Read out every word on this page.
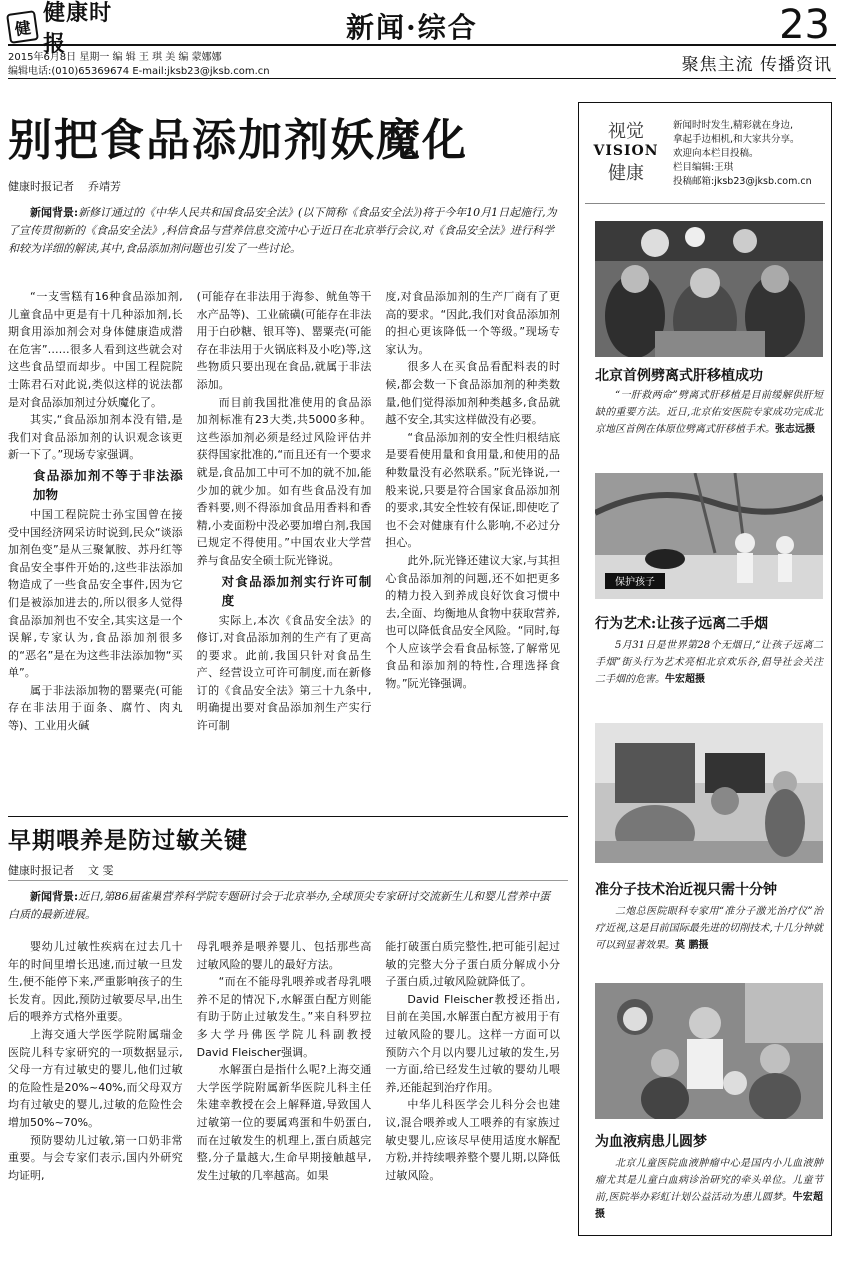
健
健康时报	新闻·综合	23
2015年6月8日 星期一 编 辑 王 琪 美 编 蒙娜娜
编辑电话:(010)65369674 E-mail:jksb23@jksb.com.cn	聚焦主流 传播资讯
别把食品添加剂妖魔化
健康时报记者 乔靖芳
新闻背景:新修订通过的《中华人民共和国食品安全法》(以下简称《食品安全法》)将于今年10月1日起施行,为了宣传贯彻新的《食品安全法》,科信食品与营养信息交流中心于近日在北京举行会议,对《食品安全法》进行科学和较为详细的解读,其中,食品添加剂问题也引发了一些讨论。

“一支雪糕有16种食品添加剂,儿童食品中更是有十几种添加剂,长期食用添加剂会对身体健康造成潜在危害”……很多人看到这些就会对这些食品望而却步。中国工程院院士陈君石对此说,类似这样的说法都是对食品添加剂过分妖魔化了。

其实,“食品添加剂本没有错,是我们对食品添加剂的认识观念该更新一下了。”现场专家强调。

食品添加剂不等于非法添加物

中国工程院院士孙宝国曾在接受中国经济网采访时说到,民众“谈添加剂色变”是从三聚氰胺、苏丹红等食品安全事件开始的,这些非法添加物造成了一些食品安全事件,因为它们是被添加进去的,所以很多人觉得食品添加剂也不安全,其实这是一个误解,专家认为,食品添加剂很多的“恶名”是在为这些非法添加物“买单”。

属于非法添加物的罂粟壳(可能存在非法用于面条、腐竹、肉丸等)、工业用火碱

(可能存在非法用于海参、鱿鱼等干水产品等)、工业硫磺(可能存在非法用于白砂糖、银耳等)、罂粟壳(可能存在非法用于火锅底料及小吃)等,这些物质只要出现在食品,就属于非法添加。

而目前我国批准使用的食品添加剂标准有23大类,共5000多种。这些添加剂必须是经过风险评估并获得国家批准的,“而且还有一个要求就是,食品加工中可不加的就不加,能少加的就少加。如有些食品没有加香料要,则不得添加食品用香料和香精,小麦面粉中没必要加增白剂,我国已规定不得使用。”中国农业大学营养与食品安全硕士阮光锋说。

对食品添加剂实行许可制度

实际上,本次《食品安全法》的修订,对食品添加剂的生产有了更高的要求。此前,我国只针对食品生产、经营设立可许可制度,而在新修订的《食品安全法》第三十九条中,明确提出要对食品添加剂生产实行许可制

度,对食品添加剂的生产厂商有了更高的要求。“因此,我们对食品添加剂的担心更该降低一个等级。”现场专家认为。

很多人在买食品看配料表的时候,都会数一下食品添加剂的种类数量,他们觉得添加剂种类越多,食品就越不安全,其实这样做没有必要。

“食品添加剂的安全性归根结底是要看使用量和食用量,和使用的品种数量没有必然联系。”阮光锋说,一般来说,只要是符合国家食品添加剂的要求,其安全性较有保证,即使吃了也不会对健康有什么影响,不必过分担心。

此外,阮光锋还建议大家,与其担心食品添加剂的问题,还不如把更多的精力投入到养成良好饮食习惯中去,全面、均衡地从食物中获取营养,也可以降低食品安全风险。“同时,每个人应该学会看食品标签,了解常见食品和添加剂的特性,合理选择食物。”阮光锋强调。

早期喂养是防过敏关键
健康时报记者 文 雯
新闻背景:近日,第86届雀巢营养科学院专题研讨会于北京举办,全球顶尖专家研讨交流新生儿和婴儿营养中蛋白质的最新进展。

婴幼儿过敏性疾病在过去几十年的时间里增长迅速,而过敏一旦发生,便不能停下来,严重影响孩子的生长发育。因此,预防过敏要尽早,出生后的喂养方式格外重要。

上海交通大学医学院附属瑞金医院儿科专家研究的一项数据显示,父母一方有过敏史的婴儿,他们过敏的危险性是20%~40%,而父母双方均有过敏史的婴儿,过敏的危险性会增加50%~70%。

预防婴幼儿过敏,第一口奶非常重要。与会专家们表示,国内外研究均证明,

母乳喂养是喂养婴儿、包括那些高过敏风险的婴儿的最好方法。

“而在不能母乳喂养或者母乳喂养不足的情况下,水解蛋白配方则能有助于防止过敏发生。”来自科罗拉多大学丹佛医学院儿科副教授David Fleischer强调。

水解蛋白是指什么呢?上海交通大学医学院附属新华医院儿科主任朱建幸教授在会上解释道,导致国人过敏第一位的要属鸡蛋和牛奶蛋白,而在过敏发生的机理上,蛋白质越完整,分子量越大,生命早期接触越早,发生过敏的几率越高。如果

能打破蛋白质完整性,把可能引起过敏的完整大分子蛋白质分解成小分子蛋白质,过敏风险就降低了。

David Fleischer教授还指出,目前在美国,水解蛋白配方被用于有过敏风险的婴儿。这样一方面可以预防六个月以内婴儿过敏的发生,另一方面,给已经发生过敏的婴幼儿喂养,还能起到治疗作用。

中华儿科医学会儿科分会也建议,混合喂养或人工喂养的有家族过敏史婴儿,应该尽早使用适度水解配方粉,并持续喂养整个婴儿期,以降低过敏风险。

视觉
VISION
健康
新闻时时发生,精彩就在身边,
拿起手边相机,和大家共分享。
欢迎向本栏目投稿。
栏目编辑:王琪
投稿邮箱:jksb23@jksb.com.cn
北京首例劈离式肝移植成功
“一肝救两命”劈离式肝移植是目前缓解供肝短缺的重要方法。近日,北京佑安医院专家成功完成北京地区首例在体原位劈离式肝移植手术。张志远摄
保护孩子
行为艺术:让孩子远离二手烟
5月31日是世界第28个无烟日,“让孩子远离二手烟”街头行为艺术亮相北京欢乐谷,倡导社会关注二手烟的危害。牛宏超摄
准分子技术治近视只需十分钟
二炮总医院眼科专家用“准分子激光治疗仪”治疗近视,这是目前国际最先进的切削技术,十几分钟就可以到显著效果。莫 鹏摄
为血液病患儿圆梦
北京儿童医院血液肿瘤中心是国内小儿血液肿瘤尤其是儿童白血病诊治研究的牵头单位。儿童节前,医院举办彩虹计划公益活动为患儿圆梦。牛宏超摄
